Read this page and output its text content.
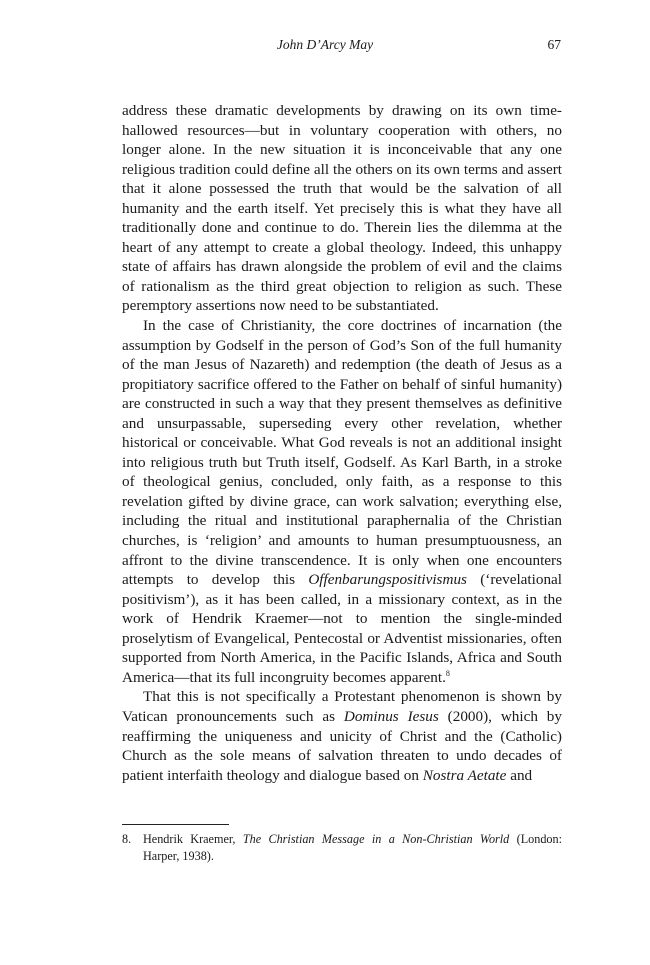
John D’Arcy May	67

address these dramatic developments by drawing on its own time-hallowed resources—but in voluntary cooperation with others, no longer alone. In the new situation it is inconceivable that any one religious tradition could define all the others on its own terms and assert that it alone possessed the truth that would be the salvation of all humanity and the earth itself. Yet precisely this is what they have all traditionally done and continue to do. Therein lies the dilemma at the heart of any attempt to create a global theology. Indeed, this unhappy state of affairs has drawn alongside the problem of evil and the claims of rationalism as the third great objection to religion as such. These peremptory assertions now need to be substantiated.

In the case of Christianity, the core doctrines of incarnation (the assumption by Godself in the person of God’s Son of the full humanity of the man Jesus of Nazareth) and redemption (the death of Jesus as a propitiatory sacrifice offered to the Father on behalf of sinful humanity) are constructed in such a way that they present themselves as definitive and unsurpassable, superseding every other revelation, whether historical or conceivable. What God reveals is not an additional insight into religious truth but Truth itself, Godself. As Karl Barth, in a stroke of theological genius, concluded, only faith, as a response to this revelation gifted by divine grace, can work salvation; everything else, including the ritual and institutional paraphernalia of the Christian churches, is ‘religion’ and amounts to human presumptuousness, an affront to the divine transcendence. It is only when one encounters attempts to develop this Offenbarungspositivismus (‘revelational positivism’), as it has been called, in a missionary context, as in the work of Hendrik Kraemer—not to mention the single-minded proselytism of Evangelical, Pentecostal or Adventist missionaries, often supported from North America, in the Pacific Islands, Africa and South America—that its full incongruity becomes apparent.$^8$

That this is not specifically a Protestant phenomenon is shown by Vatican pronouncements such as Dominus Iesus (2000), which by reaffirming the uniqueness and unicity of Christ and the (Catholic) Church as the sole means of salvation threaten to undo decades of patient interfaith theology and dialogue based on Nostra Aetate and

8. Hendrik Kraemer, The Christian Message in a Non-Christian World (London: Harper, 1938).
